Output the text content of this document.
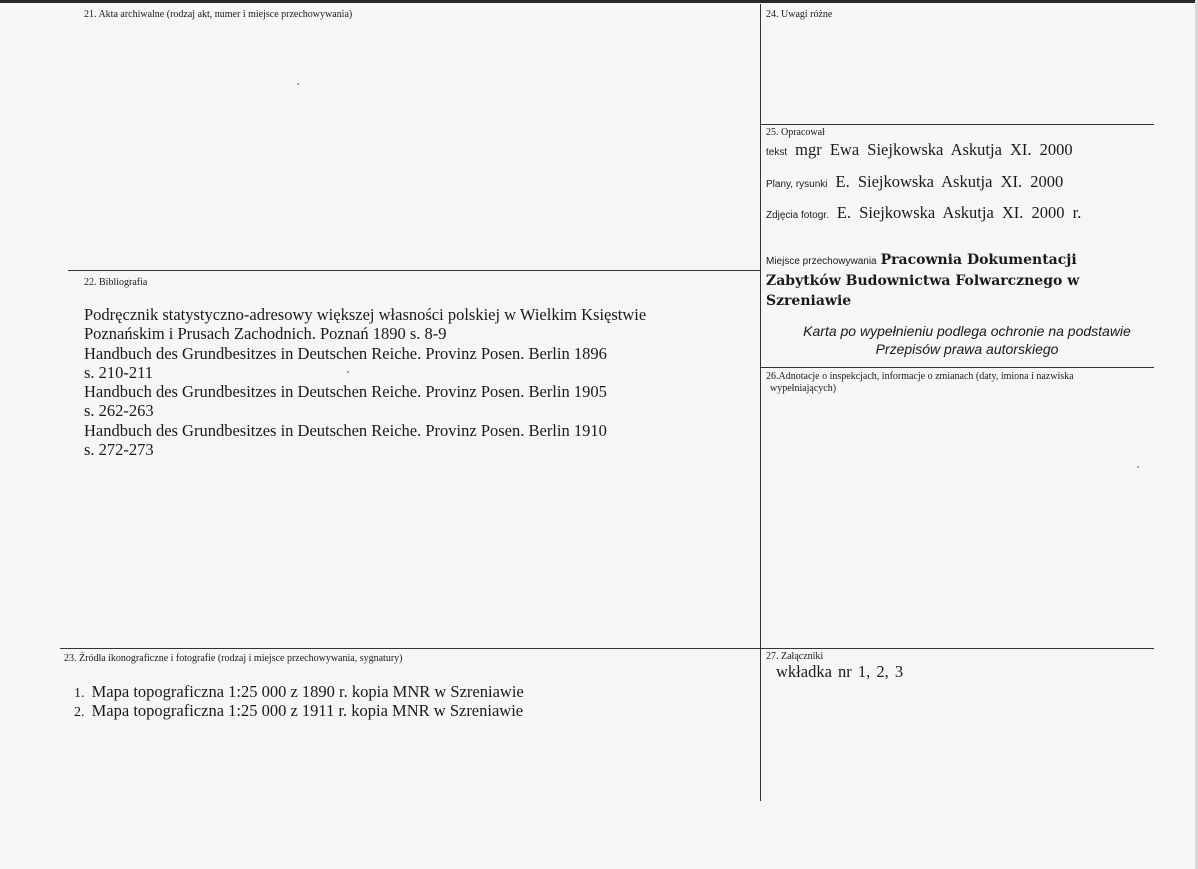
21. Akta archiwalne (rodzaj akt, numer i miejsce przechowywania)	24. Uwagi różne
25. Opracował
tekst mgr Ewa Siejkowska Askutja XI. 2000
Plany, rysunki E. Siejkowska Askutja XI. 2000
Zdjęcia fotogr. E. Siejkowska Askutja XI. 2000 r.
Miejsce przechowywania Pracownia Dokumentacji Zabytków Budownictwa Folwarcznego w Szreniawie
Karta po wypełnieniu podlega ochronie na podstawie
Przepisów prawa autorskiego
22. Bibliografia
Podręcznik statystyczno-adresowy większej własności polskiej w Wielkim Księstwie
Poznańskim i Prusach Zachodnich. Poznań 1890 s. 8-9
Handbuch des Grundbesitzes in Deutschen Reiche. Provinz Posen. Berlin 1896
s. 210-211
Handbuch des Grundbesitzes in Deutschen Reiche. Provinz Posen. Berlin 1905
s. 262-263
Handbuch des Grundbesitzes in Deutschen Reiche. Provinz Posen. Berlin 1910
s. 272-273
26.Adnotacje o inspekcjach, informacje o zmianach (daty, imiona i nazwiska
wypełniających)
23. Źródła ikonograficzne i fotografie (rodzaj i miejsce przechowywania, sygnatury)
1. Mapa topograficzna 1:25 000 z 1890 r. kopia MNR w Szreniawie
2. Mapa topograficzna 1:25 000 z 1911 r. kopia MNR w Szreniawie
27. Załączniki
wkładka nr 1, 2, 3
